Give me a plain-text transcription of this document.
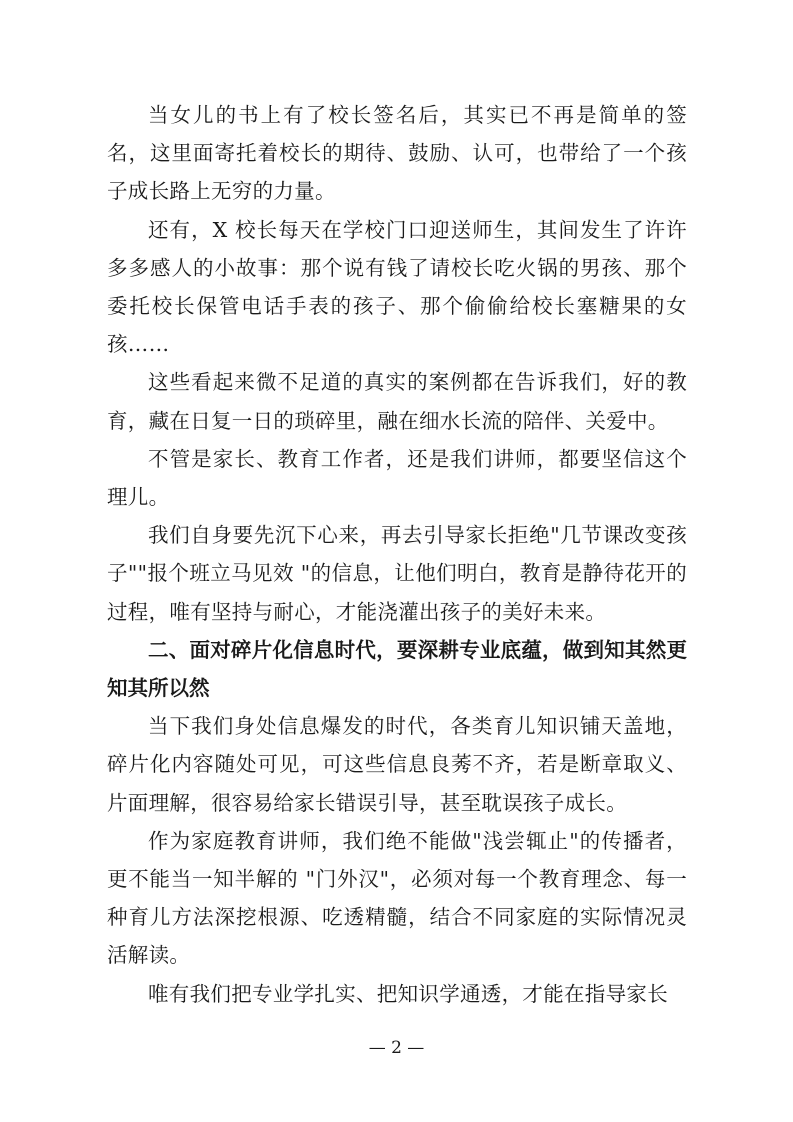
当女儿的书上有了校长签名后，其实已不再是简单的签名，这里面寄托着校长的期待、鼓励、认可，也带给了一个孩子成长路上无穷的力量。

还有，X 校长每天在学校门口迎送师生，其间发生了许许多多感人的小故事：那个说有钱了请校长吃火锅的男孩、那个委托校长保管电话手表的孩子、那个偷偷给校长塞糖果的女孩……

这些看起来微不足道的真实的案例都在告诉我们，好的教育，藏在日复一日的琐碎里，融在细水长流的陪伴、关爱中。

不管是家长、教育工作者，还是我们讲师，都要坚信这个理儿。

我们自身要先沉下心来，再去引导家长拒绝"几节课改变孩子""报个班立马见效 "的信息，让他们明白，教育是静待花开的过程，唯有坚持与耐心，才能浇灌出孩子的美好未来。

二、面对碎片化信息时代，要深耕专业底蕴，做到知其然更知其所以然

当下我们身处信息爆发的时代，各类育儿知识铺天盖地，碎片化内容随处可见，可这些信息良莠不齐，若是断章取义、片面理解，很容易给家长错误引导，甚至耽误孩子成长。

作为家庭教育讲师，我们绝不能做"浅尝辄止"的传播者，更不能当一知半解的 "门外汉"，必须对每一个教育理念、每一种育儿方法深挖根源、吃透精髓，结合不同家庭的实际情况灵活解读。

唯有我们把专业学扎实、把知识学通透，才能在指导家长

— 2 —
